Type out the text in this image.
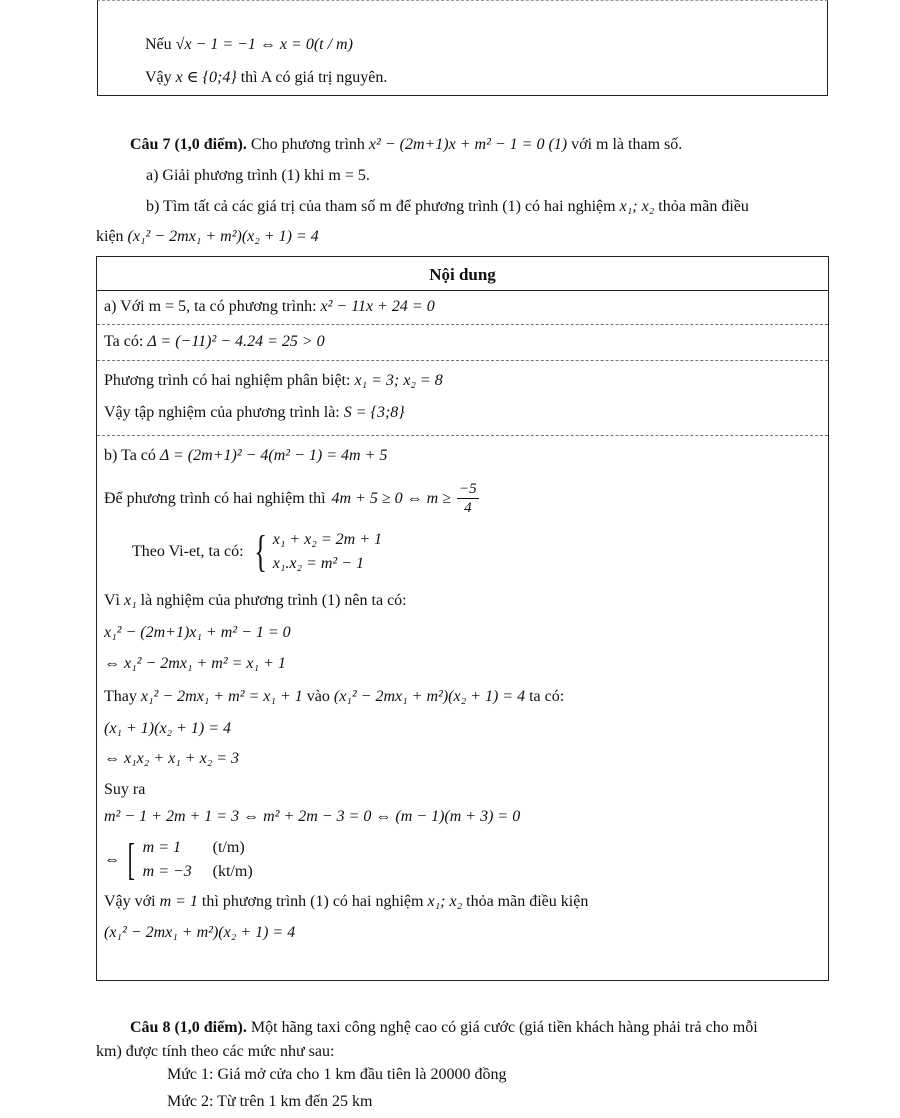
Nếu √x − 1 = −1 ⇔ x = 0(t / m)
Vậy x ∈ {0;4} thì A có giá trị nguyên.
Câu 7 (1,0 điểm). Cho phương trình x² − (2m+1)x + m² − 1 = 0 (1) với m là tham số.
a) Giải phương trình (1) khi m = 5.
b) Tìm tất cả các giá trị của tham số m để phương trình (1) có hai nghiệm x₁; x₂ thỏa mãn điều
kiện (x₁² − 2mx₁ + m²)(x₂ + 1) = 4
Nội dung
a) Với m = 5, ta có phương trình: x² − 11x + 24 = 0
Ta có: Δ = (−11)² − 4.24 = 25 > 0
Phương trình có hai nghiệm phân biệt: x₁ = 3; x₂ = 8
Vậy tập nghiệm của phương trình là: S = {3;8}
b) Ta có Δ = (2m+1)² − 4(m² − 1) = 4m + 5
Để phương trình có hai nghiệm thì 4m + 5 ≥ 0 ⇔ $m \ge \frac{-5}{4}$
Theo Vi-et, ta có: { x₁ + x₂ = 2m + 1
x₁.x₂ = m² − 1
Vì x₁ là nghiệm của phương trình (1) nên ta có:
x₁² − (2m+1)x₁ + m² − 1 = 0
⇔ x₁² − 2mx₁ + m² = x₁ + 1
Thay x₁² − 2mx₁ + m² = x₁ + 1 vào (x₁² − 2mx₁ + m²)(x₂ + 1) = 4 ta có:
(x₁ + 1)(x₂ + 1) = 4
⇔ x₁x₂ + x₁ + x₂ = 3
Suy ra
m² − 1 + 2m + 1 = 3 ⇔ m² + 2m − 3 = 0 ⇔ (m − 1)(m + 3) = 0
⇔ [ m = 1 (t/m)
m = −3 (kt/m)
Vậy với m = 1 thì phương trình (1) có hai nghiệm x₁; x₂ thỏa mãn điều kiện
(x₁² − 2mx₁ + m²)(x₂ + 1) = 4
Câu 8 (1,0 điểm). Một hãng taxi công nghệ cao có giá cước (giá tiền khách hàng phải trả cho mỗi
km) được tính theo các mức như sau:
Mức 1: Giá mở cửa cho 1 km đầu tiên là 20000 đồng
Mức 2: Từ trên 1 km đến 25 km
